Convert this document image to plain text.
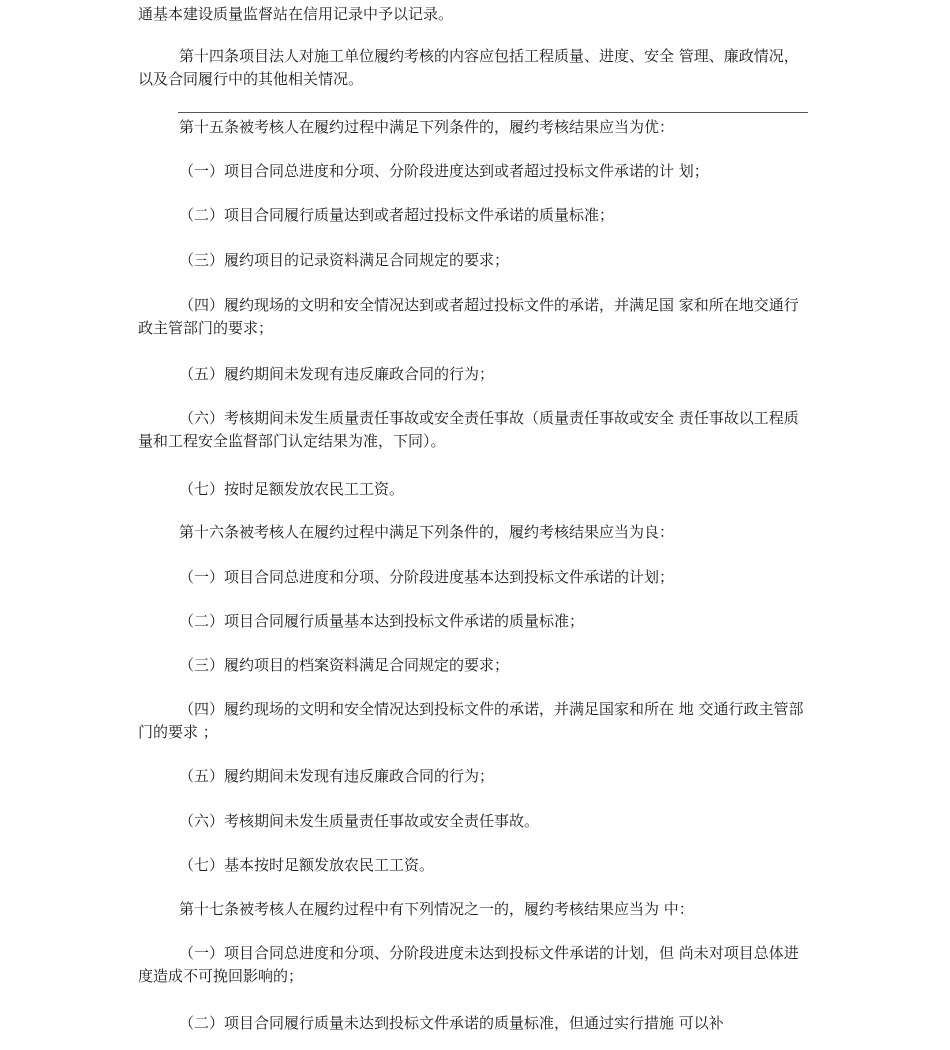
通基本建设质量监督站在信用记录中予以记录。

第十四条项目法人对施工单位履约考核的内容应包括工程质量、进度、安全 管理、廉政情况，以及合同履行中的其他相关情况。

第十五条被考核人在履约过程中满足下列条件的，履约考核结果应当为优：

（一）项目合同总进度和分项、分阶段进度达到或者超过投标文件承诺的计 划；

（二）项目合同履行质量达到或者超过投标文件承诺的质量标准；

（三）履约项目的记录资料满足合同规定的要求；

（四）履约现场的文明和安全情况达到或者超过投标文件的承诺，并满足国 家和所在地交通行政主管部门的要求；

（五）履约期间未发现有违反廉政合同的行为；

（六）考核期间未发生质量责任事故或安全责任事故（质量责任事故或安全 责任事故以工程质量和工程安全监督部门认定结果为准，下同）。

（七）按时足额发放农民工工资。

第十六条被考核人在履约过程中满足下列条件的，履约考核结果应当为良：

（一）项目合同总进度和分项、分阶段进度基本达到投标文件承诺的计划；

（二）项目合同履行质量基本达到投标文件承诺的质量标准；

（三）履约项目的档案资料满足合同规定的要求；

（四）履约现场的文明和安全情况达到投标文件的承诺，并满足国家和所在 地 交通行政主管部门的要求 ；

（五）履约期间未发现有违反廉政合同的行为；

（六）考核期间未发生质量责任事故或安全责任事故。

（七）基本按时足额发放农民工工资。

第十七条被考核人在履约过程中有下列情况之一的，履约考核结果应当为 中：

（一）项目合同总进度和分项、分阶段进度未达到投标文件承诺的计划，但 尚未对项目总体进度造成不可挽回影响的；

（二）项目合同履行质量未达到投标文件承诺的质量标准，但通过实行措施 可以补
